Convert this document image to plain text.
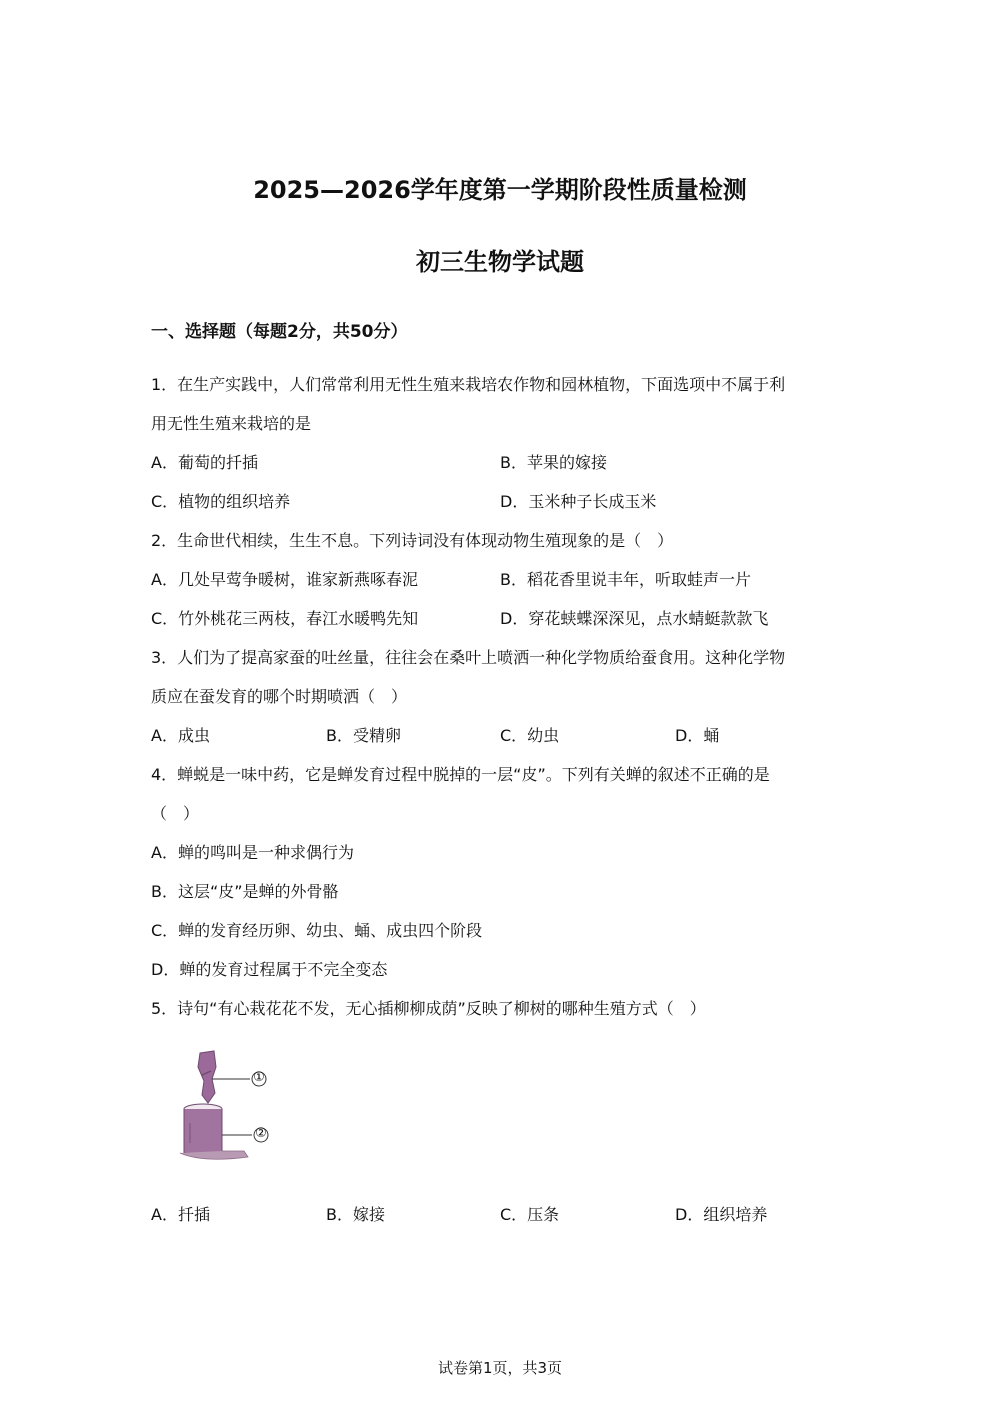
2025—2026学年度第一学期阶段性质量检测
初三生物学试题
一、选择题（每题2分，共50分）
1．在生产实践中，人们常常利用无性生殖来栽培农作物和园林植物，下面选项中不属于利
用无性生殖来栽培的是
A．葡萄的扦插	B．苹果的嫁接
C．植物的组织培养	D．玉米种子长成玉米
2．生命世代相续，生生不息。下列诗词没有体现动物生殖现象的是（　）
A．几处早莺争暖树，谁家新燕啄春泥	B．稻花香里说丰年，听取蛙声一片
C．竹外桃花三两枝，春江水暖鸭先知	D．穿花蛱蝶深深见，点水蜻蜓款款飞
3．人们为了提高家蚕的吐丝量，往往会在桑叶上喷洒一种化学物质给蚕食用。这种化学物
质应在蚕发育的哪个时期喷洒（　）
A．成虫	B．受精卵	C．幼虫	D．蛹
4．蝉蜕是一味中药，它是蝉发育过程中脱掉的一层“皮”。下列有关蝉的叙述不正确的是
（　）
A．蝉的鸣叫是一种求偶行为
B．这层“皮”是蝉的外骨骼
C．蝉的发育经历卵、幼虫、蛹、成虫四个阶段
D．蝉的发育过程属于不完全变态
5．诗句“有心栽花花不发，无心插柳柳成荫”反映了柳树的哪种生殖方式（　）
①
②
A．扦插	B．嫁接	C．压条	D．组织培养
试卷第1页，共3页
